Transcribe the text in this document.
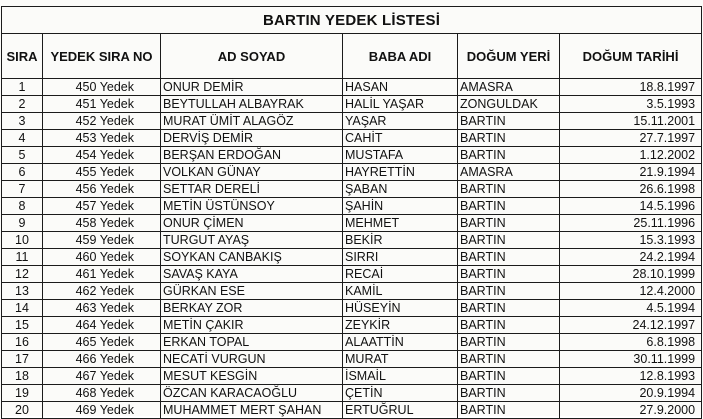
BARTIN YEDEK LİSTESİ					
SIRA	YEDEK SIRA NO	AD SOYAD	BABA ADI	DOĞUM YERİ	DOĞUM TARİHİ
1	450 Yedek	ONUR DEMİR	HASAN	AMASRA	18.8.1997
2	451 Yedek	BEYTULLAH ALBAYRAK	HALİL YAŞAR	ZONGULDAK	3.5.1993
3	452 Yedek	MURAT ÜMİT ALAGÖZ	YAŞAR	BARTIN	15.11.2001
4	453 Yedek	DERVİŞ DEMİR	CAHİT	BARTIN	27.7.1997
5	454 Yedek	BERŞAN ERDOĞAN	MUSTAFA	BARTIN	1.12.2002
6	455 Yedek	VOLKAN GÜNAY	HAYRETTİN	AMASRA	21.9.1994
7	456 Yedek	SETTAR DERELİ	ŞABAN	BARTIN	26.6.1998
8	457 Yedek	METİN ÜSTÜNSOY	ŞAHİN	BARTIN	14.5.1996
9	458 Yedek	ONUR ÇİMEN	MEHMET	BARTIN	25.11.1996
10	459 Yedek	TURGUT AYAŞ	BEKİR	BARTIN	15.3.1993
11	460 Yedek	SOYKAN CANBAKIŞ	SIRRI	BARTIN	24.2.1994
12	461 Yedek	SAVAŞ KAYA	RECAİ	BARTIN	28.10.1999
13	462 Yedek	GÜRKAN ESE	KAMİL	BARTIN	12.4.2000
14	463 Yedek	BERKAY ZOR	HÜSEYİN	BARTIN	4.5.1994
15	464 Yedek	METİN ÇAKIR	ZEYKİR	BARTIN	24.12.1997
16	465 Yedek	ERKAN TOPAL	ALAATTİN	BARTIN	6.8.1998
17	466 Yedek	NECATİ VURGUN	MURAT	BARTIN	30.11.1999
18	467 Yedek	MESUT KESGİN	İSMAİL	BARTIN	12.8.1993
19	468 Yedek	ÖZCAN KARACAOĞLU	ÇETİN	BARTIN	20.9.1994
20	469 Yedek	MUHAMMET MERT ŞAHAN	ERTUĞRUL	BARTIN	27.9.2000
